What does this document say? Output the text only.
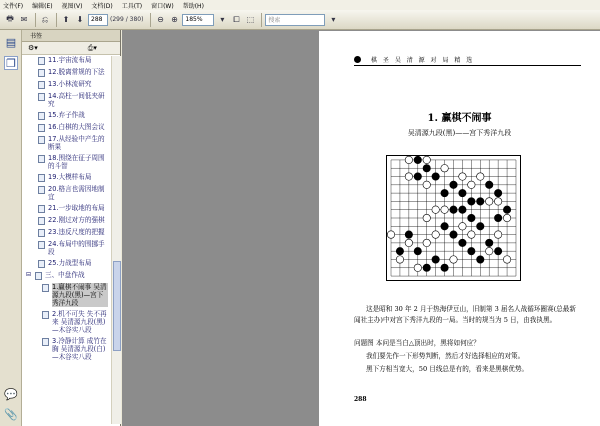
文件(F) 编辑(E) 视图(V) 文档(D) 工具(T) 窗口(W) 帮助(H)
🖶 ✉	⎌	⬆ ⬇	288	(299 / 380)	⊖ ⊕	185%	▾	⧠ ⬚	搜索	▾
▤
❐
💬
📎
书签
⚙▾	⎙▾
11.宇宙流布局
12.脱离常规的下法
13.小林流研究
14.高柱一间低夹研究
15.弃子作战
16.白棋的大图会议
17.从经验中产生的断果
18.围绕在征子周围的斗智
19.大模样布局
20.格言也需因地制宜
21.一步取地的布局
22.刚过对方的强棋
23.违反尺度的把握
24.布局中的围挪手段
25.力战型布局
⊟ 三、中盘作战
1.赢棋不闹事 吴清源九段(黑)—宫下秀洋九段
2.机不可失 失不再来 吴清源九段(黑)—木谷实八段
3.冷静计算 成竹在胸 吴清源九段(白)—木谷实八段
棋 圣 吴 清 源 对 局 精 选
1. 赢棋不闹事
吴清源九段(黑)——宫下秀洋九段
这是昭和 30 年 2 月于热海伊豆山，旧制第 3 届名人战循环圈赛(总最新闻社主办)中对宫下秀洋九段的一局。当时的规当为 5 日，由我执黑。
问题图 本问是当白△顶出时，黑将如何应？
我们要先作一下形势判断，然后才好选择相应的对策。
黑下方相当宽大，50 目线总是有的，看来是黑棋优势。
288
